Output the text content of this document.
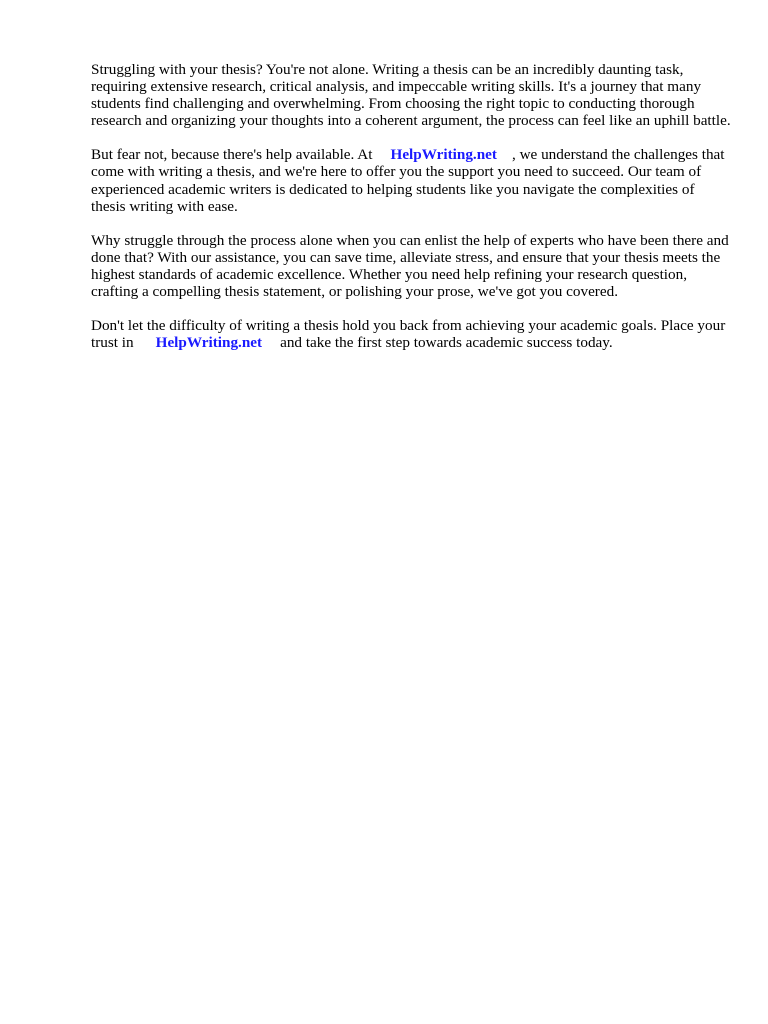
Struggling with your thesis? You're not alone. Writing a thesis can be an incredibly daunting task, requiring extensive research, critical analysis, and impeccable writing skills. It's a journey that many students find challenging and overwhelming. From choosing the right topic to conducting thorough research and organizing your thoughts into a coherent argument, the process can feel like an uphill battle.

But fear not, because there's help available. At HelpWriting.net , we understand the challenges that come with writing a thesis, and we're here to offer you the support you need to succeed. Our team of experienced academic writers is dedicated to helping students like you navigate the complexities of thesis writing with ease.

Why struggle through the process alone when you can enlist the help of experts who have been there and done that? With our assistance, you can save time, alleviate stress, and ensure that your thesis meets the highest standards of academic excellence. Whether you need help refining your research question, crafting a compelling thesis statement, or polishing your prose, we've got you covered.

Don't let the difficulty of writing a thesis hold you back from achieving your academic goals. Place your trust in HelpWriting.net and take the first step towards academic success today.
